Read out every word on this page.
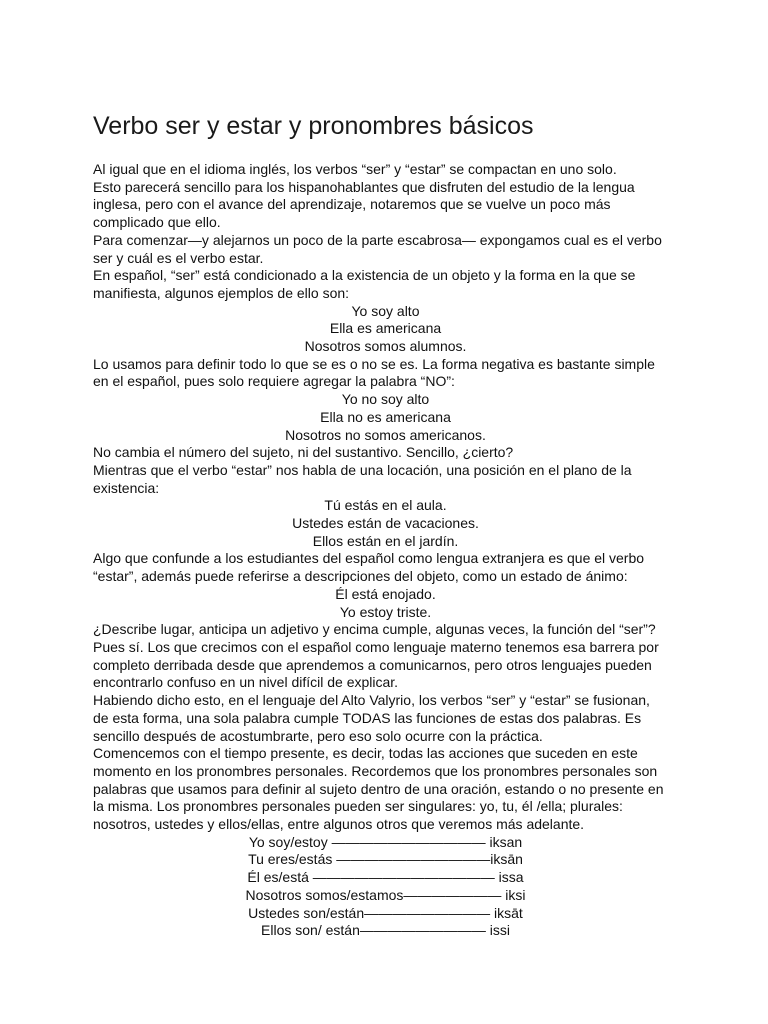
Verbo ser y estar y pronombres básicos
Al igual que en el idioma inglés, los verbos “ser” y “estar” se compactan en uno solo.
Esto parecerá sencillo para los hispanohablantes que disfruten del estudio de la lengua
inglesa, pero con el avance del aprendizaje, notaremos que se vuelve un poco más
complicado que ello.
Para comenzar—y alejarnos un poco de la parte escabrosa— expongamos cual es el verbo
ser y cuál es el verbo estar.
En español, “ser” está condicionado a la existencia de un objeto y la forma en la que se
manifiesta, algunos ejemplos de ello son:
Yo soy alto
Ella es americana
Nosotros somos alumnos.
Lo usamos para definir todo lo que se es o no se es. La forma negativa es bastante simple
en el español, pues solo requiere agregar la palabra “NO”:
Yo no soy alto
Ella no es americana
Nosotros no somos americanos.
No cambia el número del sujeto, ni del sustantivo. Sencillo, ¿cierto?
Mientras que el verbo “estar” nos habla de una locación, una posición en el plano de la
existencia:
Tú estás en el aula.
Ustedes están de vacaciones.
Ellos están en el jardín.
Algo que confunde a los estudiantes del español como lengua extranjera es que el verbo
“estar”, además puede referirse a descripciones del objeto, como un estado de ánimo:
Él está enojado.
Yo estoy triste.
¿Describe lugar, anticipa un adjetivo y encima cumple, algunas veces, la función del “ser”?
Pues sí. Los que crecimos con el español como lenguaje materno tenemos esa barrera por
completo derribada desde que aprendemos a comunicarnos, pero otros lenguajes pueden
encontrarlo confuso en un nivel difícil de explicar.
Habiendo dicho esto, en el lenguaje del Alto Valyrio, los verbos “ser” y “estar” se fusionan,
de esta forma, una sola palabra cumple TODAS las funciones de estas dos palabras. Es
sencillo después de acostumbrarte, pero eso solo ocurre con la práctica.
Comencemos con el tiempo presente, es decir, todas las acciones que suceden en este
momento en los pronombres personales. Recordemos que los pronombres personales son
palabras que usamos para definir al sujeto dentro de una oración, estando o no presente en
la misma. Los pronombres personales pueden ser singulares: yo, tu, él /ella; plurales:
nosotros, ustedes y ellos/ellas, entre algunos otros que veremos más adelante.
Yo soy/estoy ——————————— iksan
Tu eres/estás ———————————iksān
Él es/está ————————————— issa
Nosotros somos/estamos——————— iksi
Ustedes son/están————————— iksāt
Ellos son/ están————————— issi
